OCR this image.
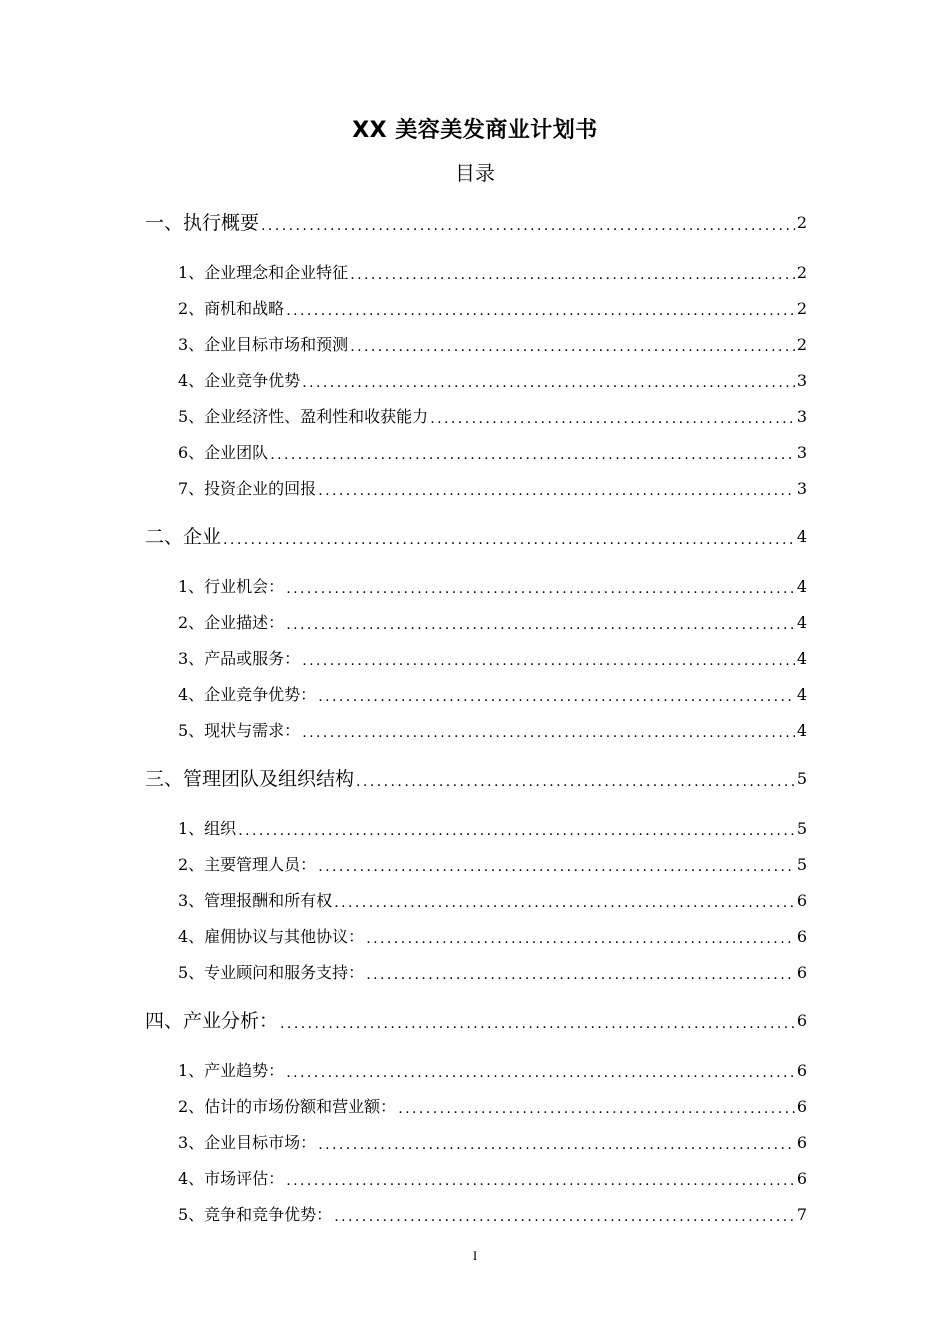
XX 美容美发商业计划书
目录
一、执行概要 . . .	2
1、企业理念和企业特征 . . .	2
2、商机和战略 . . .	2
3、企业目标市场和预测 . . .	2
4、企业竞争优势 . . .	3
5、企业经济性、盈利性和收获能力 . . .	3
6、企业团队 . . .	3
7、投资企业的回报 . . .	3
二、企业 . . .	4
1、行业机会： . . .	4
2、企业描述： . . .	4
3、产品或服务： . . .	4
4、企业竞争优势： . . .	4
5、现状与需求： . . .	4
三、管理团队及组织结构 . . .	5
1、组织 . . .	5
2、主要管理人员： . . .	5
3、管理报酬和所有权 . . .	6
4、雇佣协议与其他协议： . . .	6
5、专业顾问和服务支持： . . .	6
四、产业分析： . . .	6
1、产业趋势： . . .	6
2、估计的市场份额和营业额： . . .	6
3、企业目标市场： . . .	6
4、市场评估： . . .	6
5、竞争和竞争优势： . . .	7
I
